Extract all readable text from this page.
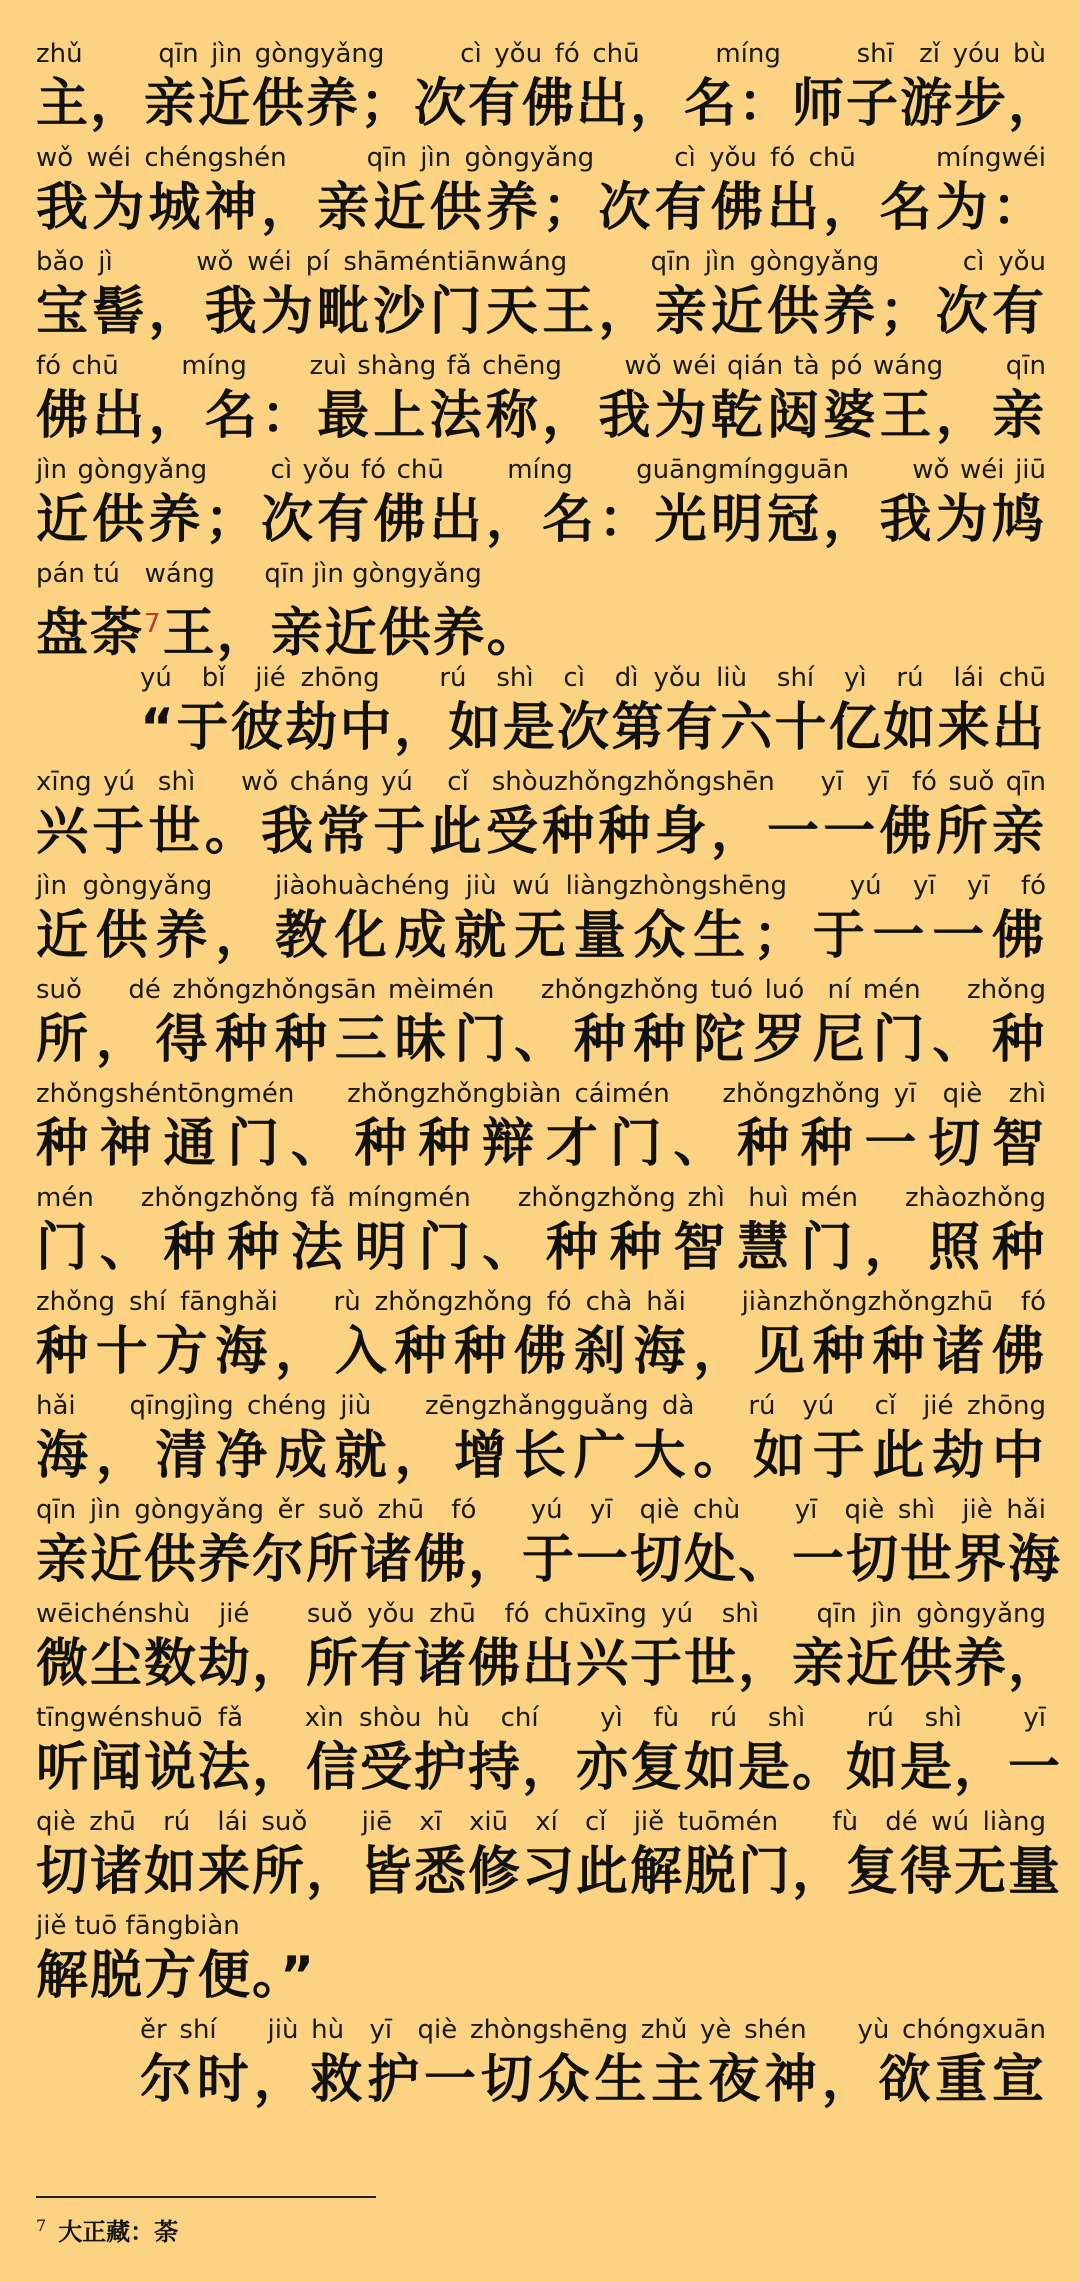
zhǔ      qīn jìn gòngyǎng      cì yǒu fó chū      míng      shī  zǐ yóu bù
主，亲近供养；次有佛出，名：师子游步，
wǒ wéi chéngshén      qīn jìn gòngyǎng      cì yǒu fó chū      míngwéi
我为城神，亲近供养；次有佛出，名为：
bǎo jì      wǒ wéi pí shāméntiānwáng      qīn jìn gòngyǎng      cì yǒu
宝髻，我为毗沙门天王，亲近供养；次有
fó chū      míng      zuì shàng fǎ chēng      wǒ wéi qián tà pó wáng      qīn
佛出，名：最上法称，我为乾闼婆王，亲
jìn gòngyǎng      cì yǒu fó chū      míng      guāngmíngguān      wǒ wéi jiū
近供养；次有佛出，名：光明冠，我为鸠
pán tú   wáng      qīn jìn gòngyǎng
盘荼$^7$王，亲近供养。
yú  bǐ  jié zhōng    rú  shì  cì  dì yǒu liù  shí  yì  rú  lái chū
“于彼劫中，如是次第有六十亿如来出
xīng yú  shì    wǒ cháng yú   cǐ  shòuzhǒngzhǒngshēn    yī  yī  fó suǒ qīn
兴于世。我常于此受种种身，一一佛所亲
jìn gòngyǎng    jiàohuàchéng jiù wú liàngzhòngshēng    yú  yī  yī  fó
近供养，教化成就无量众生；于一一佛
suǒ    dé zhǒngzhǒngsān mèimén    zhǒngzhǒng tuó luó  ní mén    zhǒng
所，得种种三昧门、种种陀罗尼门、种
zhǒngshéntōngmén    zhǒngzhǒngbiàn cáimén    zhǒngzhǒng yī  qiè  zhì
种神通门、种种辩才门、种种一切智
mén    zhǒngzhǒng fǎ míngmén    zhǒngzhǒng zhì  huì mén    zhàozhǒng
门、种种法明门、种种智慧门，照种
zhǒng shí fānghǎi    rù zhǒngzhǒng fó chà hǎi    jiànzhǒngzhǒngzhū  fó
种十方海，入种种佛刹海，见种种诸佛
hǎi    qīngjìng chéng jiù    zēngzhǎngguǎng dà    rú  yú   cǐ  jié zhōng
海，清净成就，增长广大。如于此劫中
qīn jìn gòngyǎng ěr suǒ zhū  fó    yú  yī  qiè chù    yī  qiè shì  jiè hǎi
亲近供养尔所诸佛，于一切处、一切世界海
wēichénshù  jié    suǒ yǒu zhū  fó chūxīng yú  shì    qīn jìn gòngyǎng
微尘数劫，所有诸佛出兴于世，亲近供养，
tīngwénshuō fǎ    xìn shòu hù  chí    yì  fù  rú  shì    rú  shì    yī
听闻说法，信受护持，亦复如是。如是，一
qiè zhū  rú  lái suǒ    jiē  xī  xiū  xí  cǐ  jiě tuōmén    fù  dé wú liàng
切诸如来所，皆悉修习此解脱门，复得无量
jiě tuō fāngbiàn
解脱方便。”
ěr shí    jiù hù  yī  qiè zhòngshēng zhǔ yè shén    yù chóngxuān
尔时，救护一切众生主夜神，欲重宣
$^7$ 大正藏：荼
